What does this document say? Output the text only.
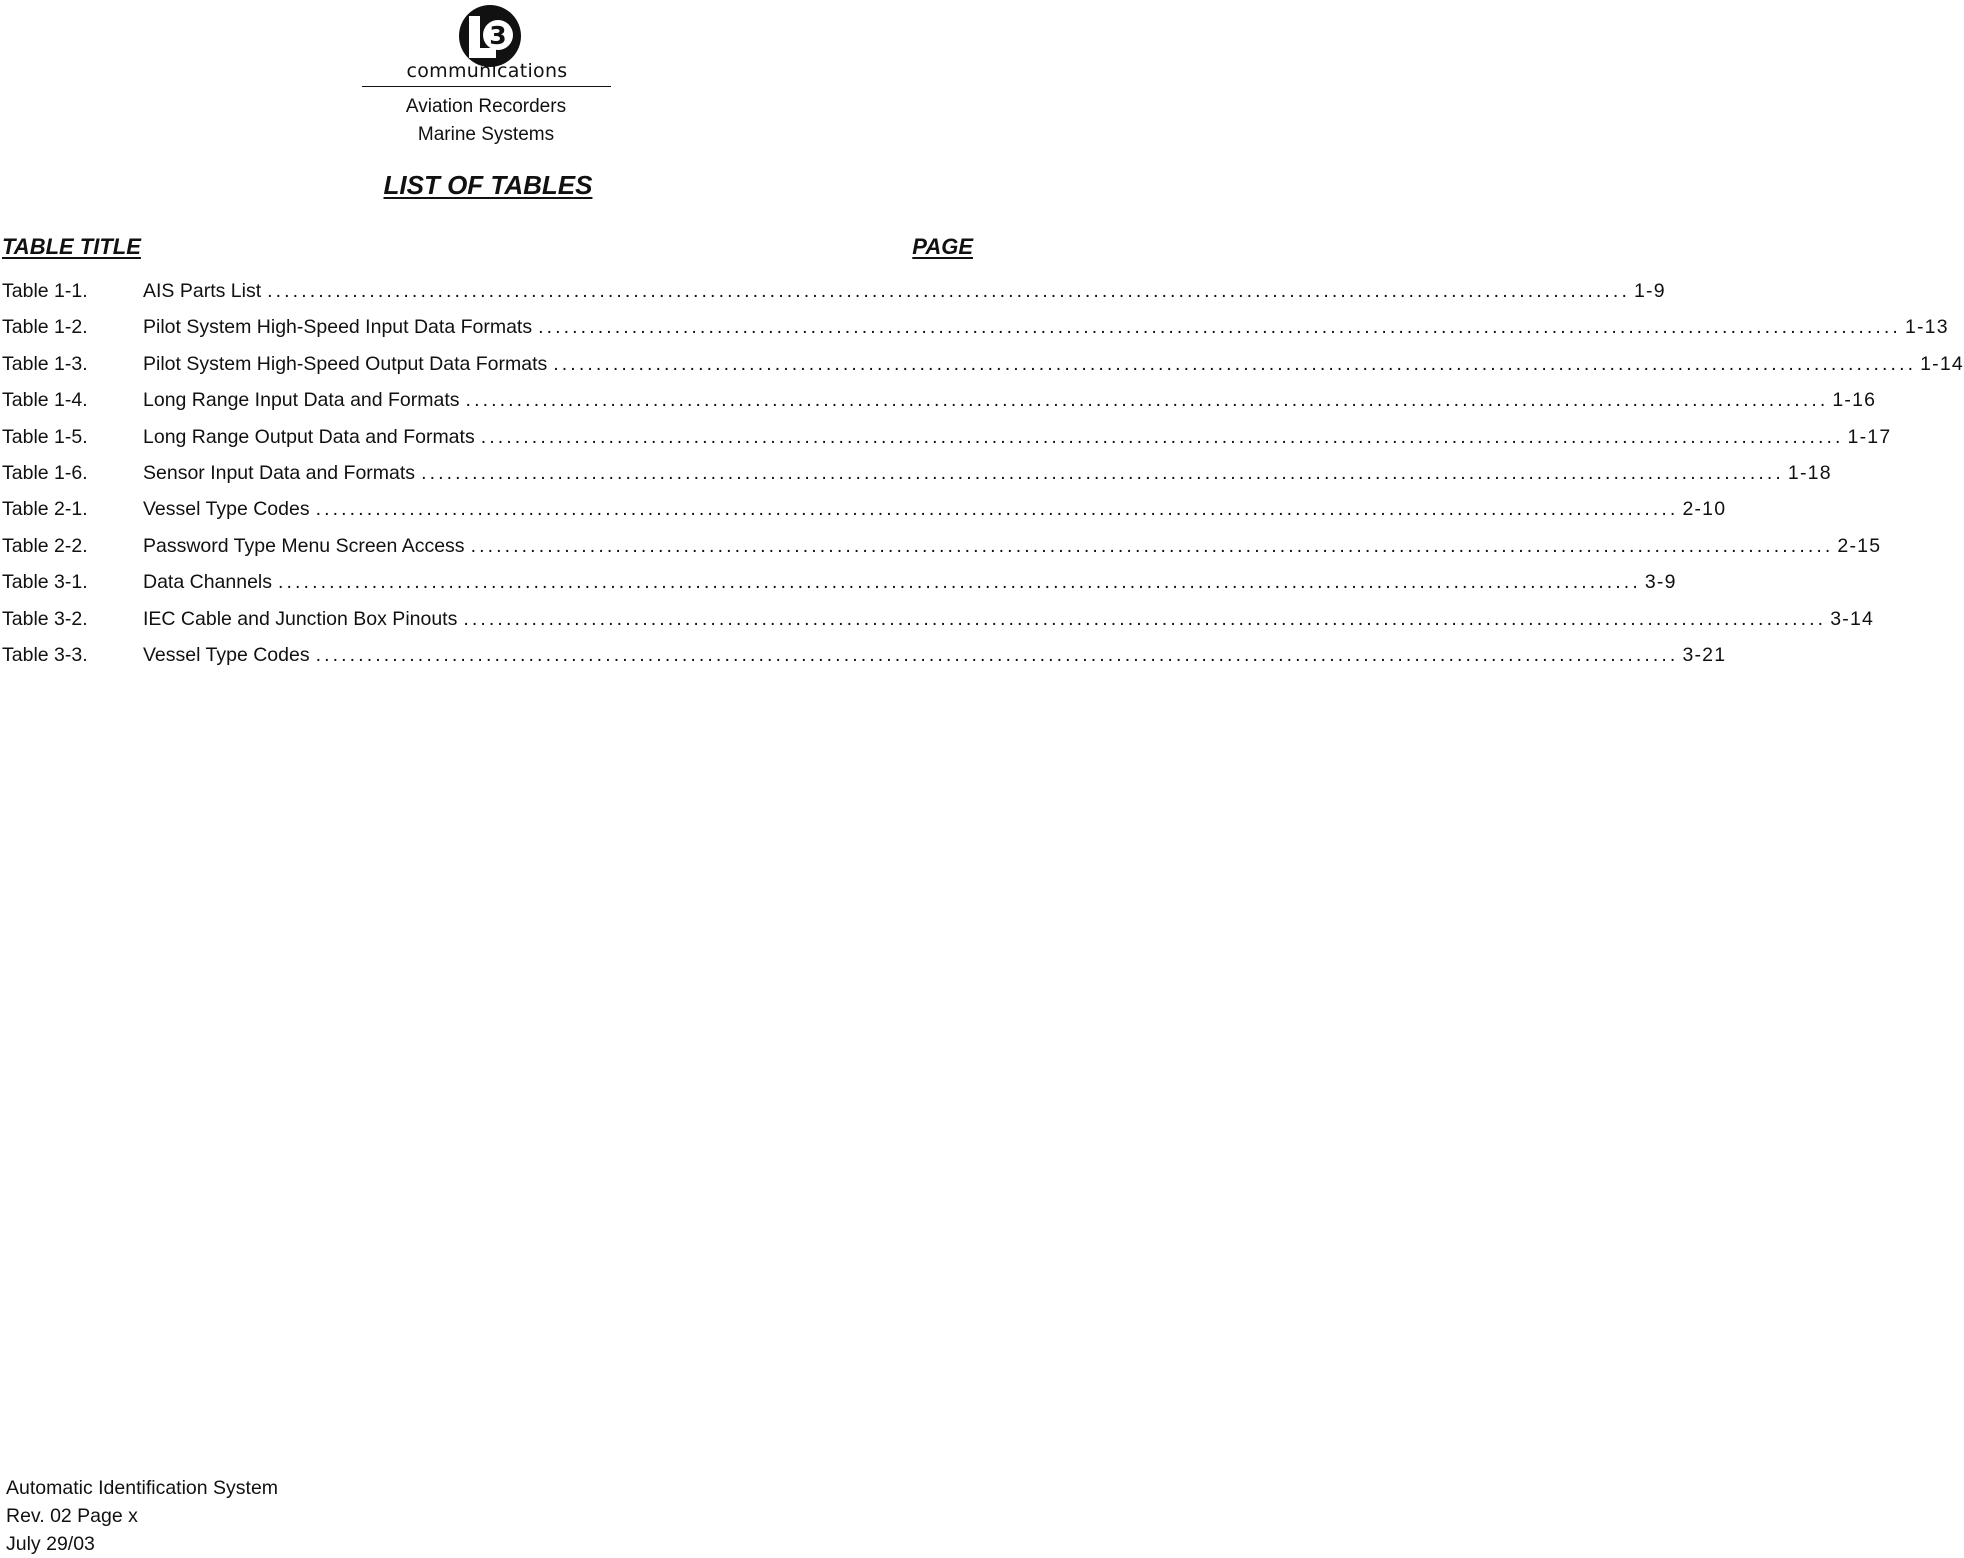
3
communications
Aviation Recorders
Marine Systems
LIST OF TABLES
TABLE TITLE	PAGE
Table 1-1.	AIS Parts List ................................................................................................................................................................ 1-9
Table 1-2.	Pilot System High-Speed Input Data Formats ................................................................................................................................................................ 1-13
Table 1-3.	Pilot System High-Speed Output Data Formats ................................................................................................................................................................ 1-14
Table 1-4.	Long Range Input Data and Formats ................................................................................................................................................................ 1-16
Table 1-5.	Long Range Output Data and Formats ................................................................................................................................................................ 1-17
Table 1-6.	Sensor Input Data and Formats ................................................................................................................................................................ 1-18
Table 2-1.	Vessel Type Codes ................................................................................................................................................................ 2-10
Table 2-2.	Password Type Menu Screen Access ................................................................................................................................................................ 2-15
Table 3-1.	Data Channels ................................................................................................................................................................ 3-9
Table 3-2.	IEC Cable and Junction Box Pinouts ................................................................................................................................................................ 3-14
Table 3-3.	Vessel Type Codes ................................................................................................................................................................ 3-21
Automatic Identification System
Rev. 02 Page x
July 29/03
